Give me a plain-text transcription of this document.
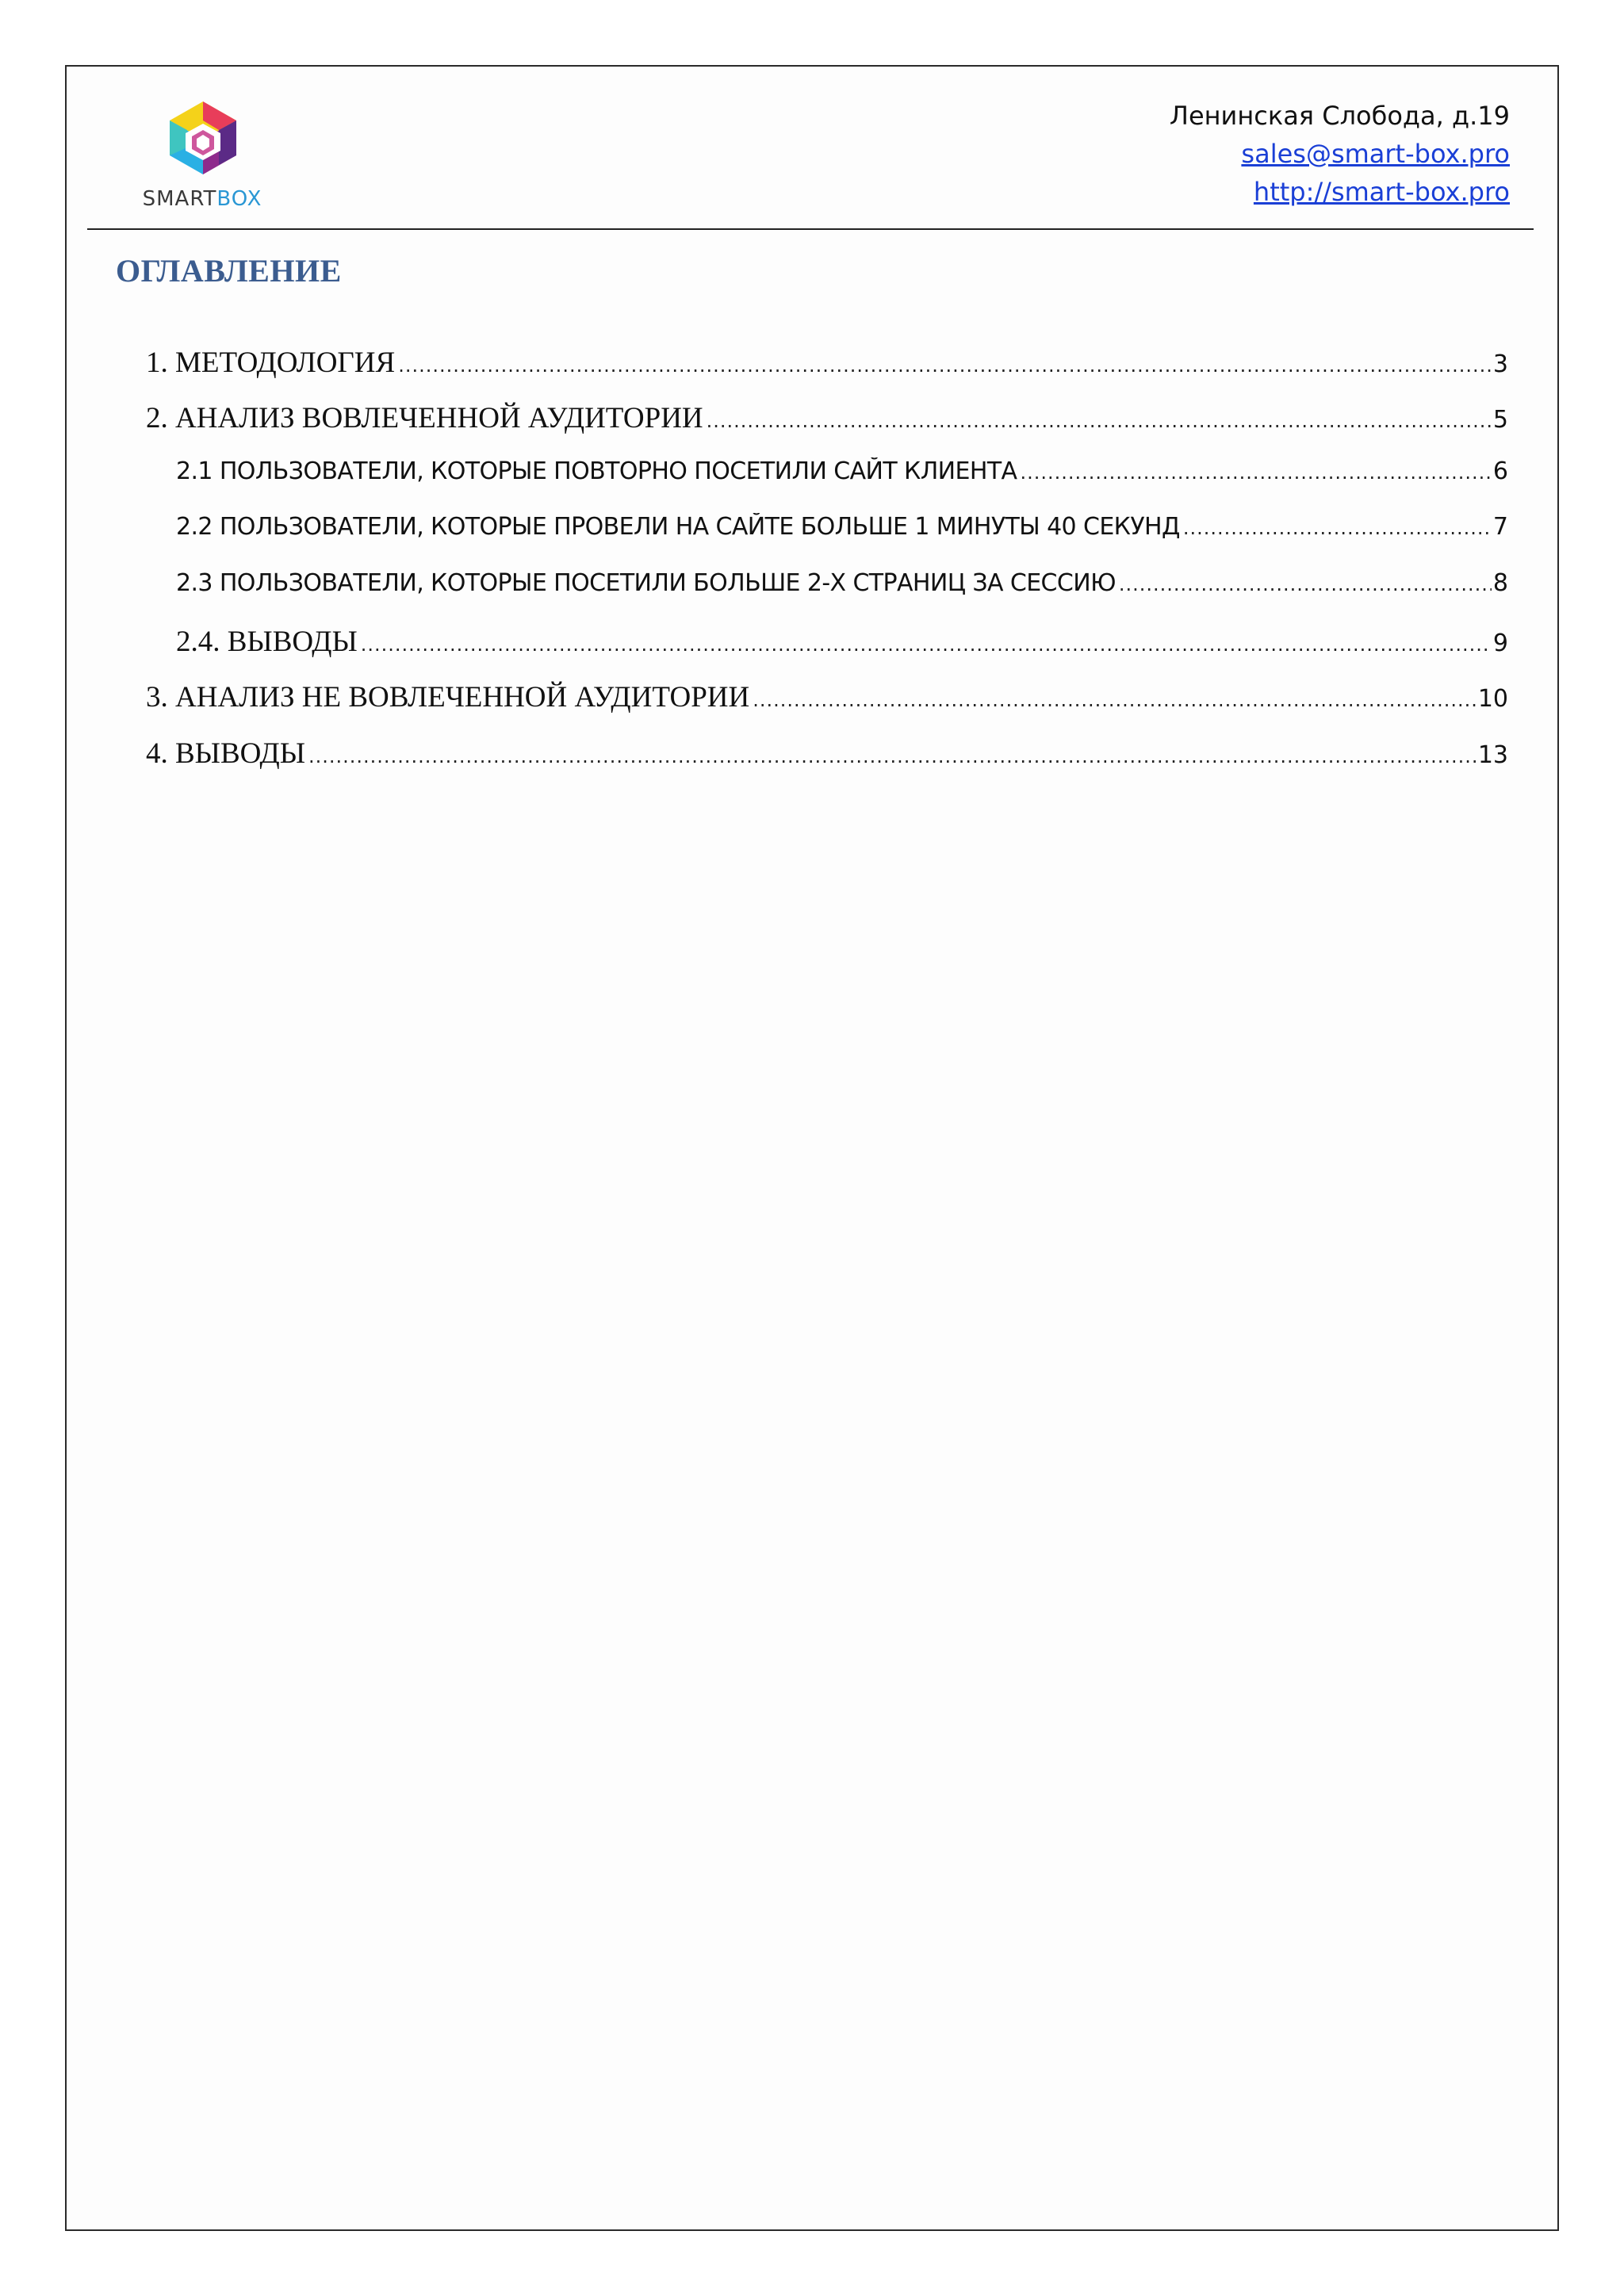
SMARTBOX
Ленинская Слобода, д.19
sales@smart-box.pro
http://smart-box.pro
ОГЛАВЛЕНИЕ
1. МЕТОДОЛОГИЯ .....	3
2. АНАЛИЗ ВОВЛЕЧЕННОЙ АУДИТОРИИ .....	5
2.1 ПОЛЬЗОВАТЕЛИ, КОТОРЫЕ ПОВТОРНО ПОСЕТИЛИ САЙТ КЛИЕНТА .....	6
2.2 ПОЛЬЗОВАТЕЛИ, КОТОРЫЕ ПРОВЕЛИ НА САЙТЕ БОЛЬШЕ 1 МИНУТЫ 40 СЕКУНД .....	7
2.3 ПОЛЬЗОВАТЕЛИ, КОТОРЫЕ ПОСЕТИЛИ БОЛЬШЕ 2-Х СТРАНИЦ ЗА СЕССИЮ .....	8
2.4. ВЫВОДЫ .....	9
3. АНАЛИЗ НЕ ВОВЛЕЧЕННОЙ АУДИТОРИИ .....	10
4. ВЫВОДЫ .....	13
